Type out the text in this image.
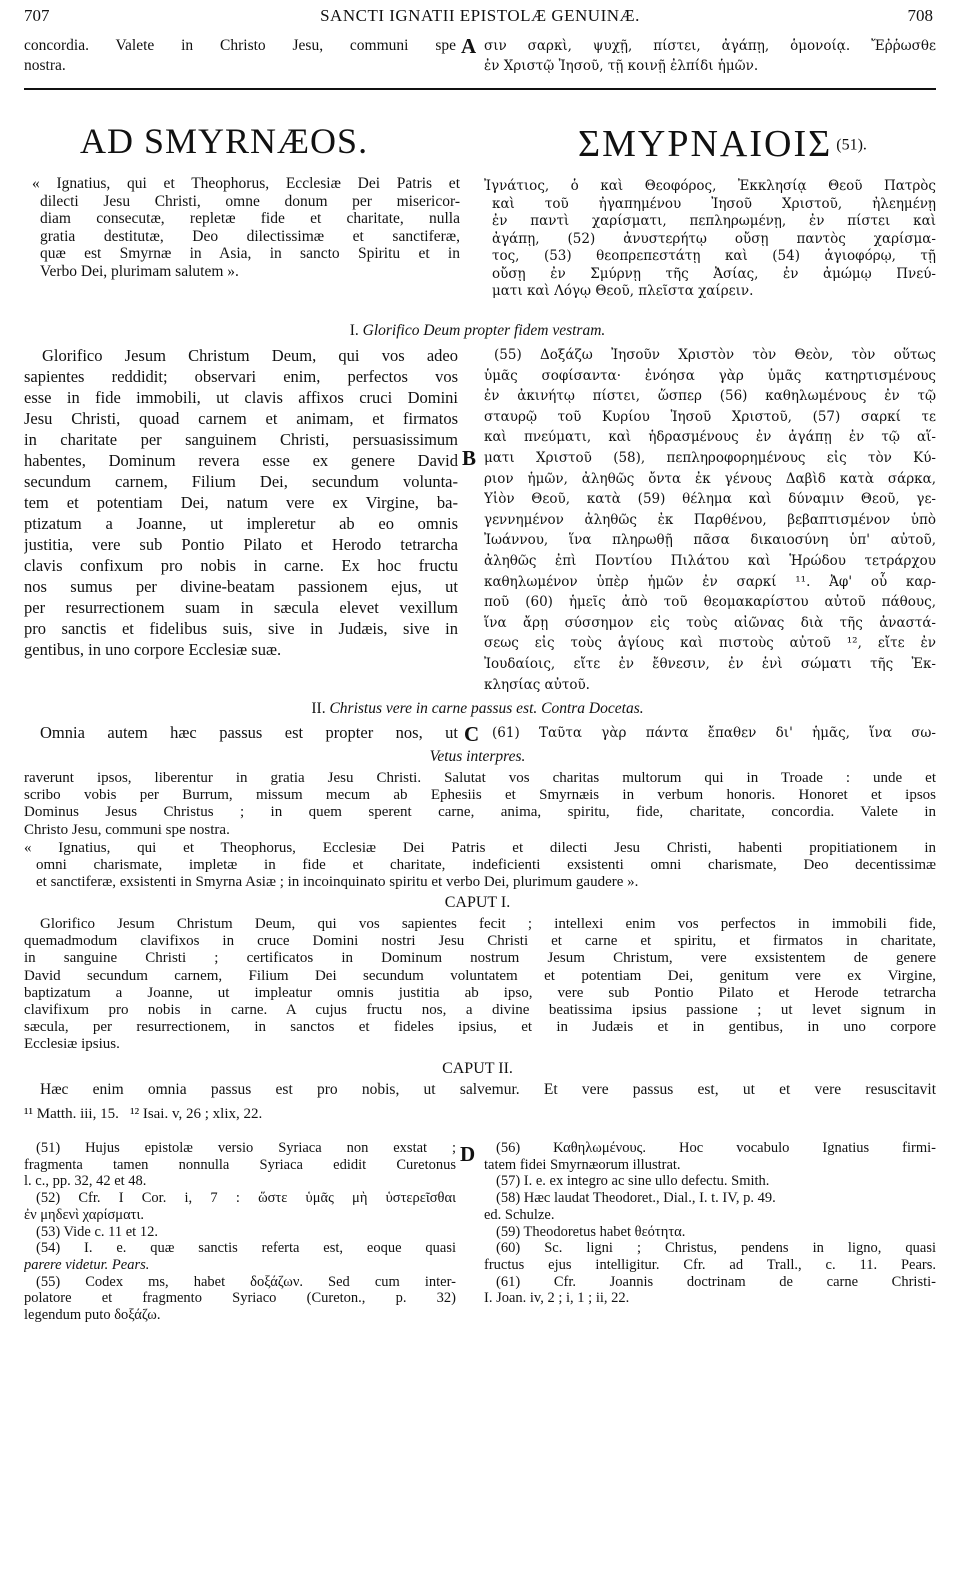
707	SANCTI IGNATII EPISTOLÆ GENUINÆ.	708
concordia. Valete in Christo Jesu, communi spe
nostra.
A σιν σαρκὶ, ψυχῇ, πίστει, ἀγάπῃ, ὁμονοίᾳ. Ἔῤῥωσθε
ἐν Χριστῷ Ἰησοῦ, τῇ κοινῇ ἐλπίδι ἡμῶν.
AD SMYRNÆOS.	ΣΜΥΡΝΑΙΟΙΣ $^{(51).}$
« Ignatius, qui et Theophorus, Ecclesiæ Dei Patris et
dilecti Jesu Christi, omne donum per misericor-
diam consecutæ, repletæ fide et charitate, nulla
gratia destitutæ, Deo dilectissimæ et sanctiferæ,
quæ est Smyrnæ in Asia, in sancto Spiritu et in
Verbo Dei, plurimam salutem ».
Ἰγνάτιος, ὁ καὶ Θεοφόρος, Ἐκκλησίᾳ Θεοῦ Πατρὸς
καὶ τοῦ ἠγαπημένου Ἰησοῦ Χριστοῦ, ἠλεημένῃ
ἐν παντὶ χαρίσματι, πεπληρωμένῃ, ἐν πίστει καὶ
ἀγάπῃ, (52) ἀνυστερήτῳ οὔσῃ παντὸς χαρίσμα-
τος, (53) θεοπρεπεστάτῃ καὶ (54) ἁγιοφόρῳ, τῇ
οὔσῃ ἐν Σμύρνῃ τῆς Ἀσίας, ἐν ἀμώμῳ Πνεύ-
ματι καὶ Λόγῳ Θεοῦ, πλεῖστα χαίρειν.
I. Glorifico Deum propter fidem vestram.
Glorifico Jesum Christum Deum, qui vos adeo
sapientes reddidit; observari enim, perfectos vos
esse in fide immobili, ut clavis affixos cruci Domini
Jesu Christi, quoad carnem et animam, et firmatos
in charitate per sanguinem Christi, persuasissimum
habentes, Dominum revera esse ex genere David
secundum carnem, Filium Dei, secundum volunta-
tem et potentiam Dei, natum vere ex Virgine, ba-
ptizatum a Joanne, ut impleretur ab eo omnis
justitia, vere sub Pontio Pilato et Herodo tetrarcha
clavis confixum pro nobis in carne. Ex hoc fructu
nos sumus per divine-beatam passionem ejus, ut
per resurrectionem suam in sæcula elevet vexillum
pro sanctis et fidelibus suis, sive in Judæis, sive in
gentibus, in uno corpore Ecclesiæ suæ.
B
(55) Δοξάζω Ἰησοῦν Χριστὸν τὸν Θεὸν, τὸν οὕτως
ὑμᾶς σοφίσαντα· ἐνόησα γὰρ ὑμᾶς κατηρτισμένους
ἐν ἀκινήτῳ πίστει, ὥσπερ (56) καθηλωμένους ἐν τῷ
σταυρῷ τοῦ Κυρίου Ἰησοῦ Χριστοῦ, (57) σαρκί τε
καὶ πνεύματι, καὶ ἡδρασμένους ἐν ἀγάπῃ ἐν τῷ αἵ-
ματι Χριστοῦ (58), πεπληροφορημένους εἰς τὸν Κύ-
ριον ἡμῶν, ἀληθῶς ὄντα ἐκ γένους Δαβὶδ κατὰ σάρκα,
Υἱὸν Θεοῦ, κατὰ (59) θέλημα καὶ δύναμιν Θεοῦ, γε-
γεννημένον ἀληθῶς ἐκ Παρθένου, βεβαπτισμένον ὑπὸ
Ἰωάννου, ἵνα πληρωθῇ πᾶσα δικαιοσύνη ὑπ' αὐτοῦ,
ἀληθῶς ἐπὶ Ποντίου Πιλάτου καὶ Ἡρώδου τετράρχου
καθηλωμένον ὑπὲρ ἡμῶν ἐν σαρκί ¹¹. Ἀφ' οὗ καρ-
ποῦ (60) ἡμεῖς ἀπὸ τοῦ θεομακαρίστου αὐτοῦ πάθους,
ἵνα ἄρῃ σύσσημον εἰς τοὺς αἰῶνας διὰ τῆς ἀναστά-
σεως εἰς τοὺς ἁγίους καὶ πιστοὺς αὐτοῦ ¹², εἴτε ἐν
Ἰουδαίοις, εἴτε ἐν ἔθνεσιν, ἐν ἑνὶ σώματι τῆς Ἐκ-
κλησίας αὐτοῦ.
II. Christus vere in carne passus est. Contra Docetas.
Omnia autem hæc passus est propter nos, ut C (61) Ταῦτα γὰρ πάντα ἔπαθεν δι' ἡμᾶς, ἵνα σω-
Vetus interpres.
raverunt ipsos, liberentur in gratia Jesu Christi. Salutat vos charitas multorum qui in Troade : unde et
scribo vobis per Burrum, missum mecum ab Ephesiis et Smyrnæis in verbum honoris. Honoret et ipsos
Dominus Jesus Christus ; in quem sperent carne, anima, spiritu, fide, charitate, concordia. Valete in
Christo Jesu, communi spe nostra.
« Ignatius, qui et Theophorus, Ecclesiæ Dei Patris et dilecti Jesu Christi, habenti propitiationem in
omni charismate, impletæ in fide et charitate, indeficienti exsistenti omni charismate, Deo decentissimæ
et sanctiferæ, exsistenti in Smyrna Asiæ ; in incoinquinato spiritu et verbo Dei, plurimum gaudere ».
CAPUT I.
Glorifico Jesum Christum Deum, qui vos sapientes fecit ; intellexi enim vos perfectos in immobili fide,
quemadmodum clavifixos in cruce Domini nostri Jesu Christi et carne et spiritu, et firmatos in charitate,
in sanguine Christi ; certificatos in Dominum nostrum Jesum Christum, vere exsistentem de genere
David secundum carnem, Filium Dei secundum voluntatem et potentiam Dei, genitum vere ex Virgine,
baptizatum a Joanne, ut impleatur omnis justitia ab ipso, vere sub Pontio Pilato et Herode tetrarcha
clavifixum pro nobis in carne. A cujus fructu nos, a divine beatissima ipsius passione ; ut levet signum in
sæcula, per resurrectionem, in sanctos et fideles ipsius, et in Judæis et in gentibus, in uno corpore
Ecclesiæ ipsius.
CAPUT II.
Hæc enim omnia passus est pro nobis, ut salvemur. Et vere passus est, ut et vere resuscitavit
¹¹ Matth. iii, 15.   ¹² Isai. v, 26 ; xlix, 22.
(51) Hujus epistolæ versio Syriaca non exstat ;
fragmenta tamen nonnulla Syriaca edidit Curetonus
l. c., pp. 32, 42 et 48.
(52) Cfr. I Cor. i, 7 : ὥστε ὑμᾶς μὴ ὑστερεῖσθαι
ἐν μηδενὶ χαρίσματι.
(53) Vide c. 11 et 12.
(54) I. e. quæ sanctis referta est, eoque quasi
parere videtur. Pears.
(55) Codex ms, habet δοξάζων. Sed cum inter-
polatore et fragmento Syriaco (Cureton., p. 32)
legendum puto δοξάζω.
D	(56) Καθηλωμένους. Hoc vocabulo Ignatius firmi-
tatem fidei Smyrnæorum illustrat.
(57) I. e. ex integro ac sine ullo defectu. Smith.
(58) Hæc laudat Theodoret., Dial., I. t. IV, p. 49.
ed. Schulze.
(59) Theodoretus habet θεότητα.
(60) Sc. ligni ; Christus, pendens in ligno, quasi
fructus ejus intelligitur. Cfr. ad Trall., c. 11. Pears.
(61) Cfr. Joannis doctrinam de carne Christi-
I. Joan. iv, 2 ; i, 1 ; ii, 22.
